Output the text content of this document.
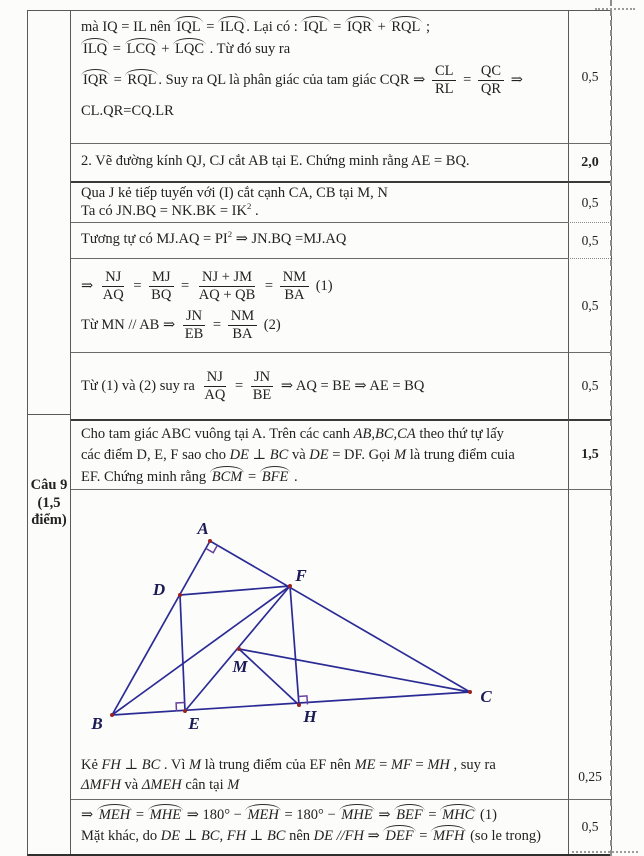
Câu 9
(1,5
điểm)
mà IQ = IL nên IQL = ILQ . Lại có : IQL = IQR + RQL ;
ILQ = LCQ + LQC . Từ đó suy ra
IQR = RQL . Suy ra QL là phân giác của tam giác CQR ⇒ $\frac{CL}{RL} = \frac{QC}{QR}$ ⇒
CL.QR=CQ.LR
0,5
2. Vẽ đường kính QJ, CJ cắt AB tại E. Chứng minh rằng AE = BQ.	2,0
Qua J kẻ tiếp tuyến với (I) cắt cạnh CA, CB tại M, N
Ta có $JN.BQ = NK.BK = IK^2$ .
0,5
Tương tự có $MJ.AQ = PI^2$ ⇒ JN.BQ =MJ.AQ	0,5
⇒ $\frac{NJ}{AQ} = \frac{MJ}{BQ} = \frac{NJ + JM}{AQ + QB} = \frac{NM}{BA} (1)$
Từ MN // AB ⇒ $\frac{JN}{EB} = \frac{NM}{BA} (2)$
0,5
Từ (1) và (2) suy ra $\frac{NJ}{AQ} = \frac{JN}{BE}$ ⇒ AQ = BE ⇒ AE = BQ	0,5
Cho tam giác ABC vuông tại A. Trên các canh AB,BC,CA theo thứ tự lấy
các điểm D, E, F sao cho DE ⊥ BC và DE = DF. Gọi M là trung điểm cuia
EF. Chứng minh rằng BCM = BFE .
1,5
A
B
C
D
E
F
M
H
Kẻ FH ⊥ BC . Vì M là trung điểm của EF nên ME = MF = MH , suy ra
ΔMFH và ΔMEH cân tại M
0,25
⇒ MEH = MHE ⇒ 180° − MEH = 180° − MHE ⇒ BEF = MHC (1)
Mặt khác, do DE ⊥ BC, FH ⊥ BC nên DE //FH ⇒ DEF = MFH (so le trong)
0,5
